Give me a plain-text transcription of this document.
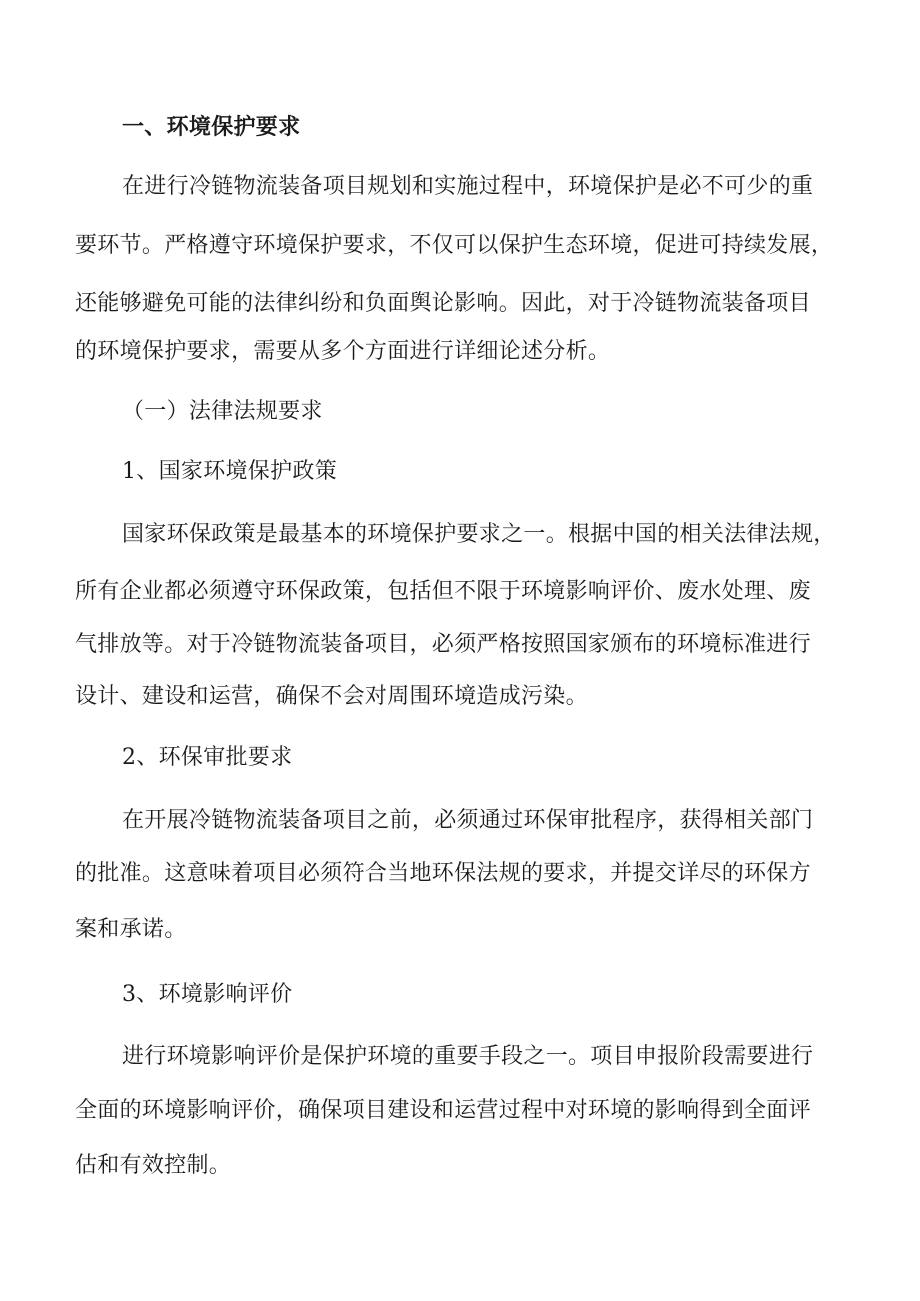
一、环境保护要求
在进行冷链物流装备项目规划和实施过程中，环境保护是必不可少的重
要环节。严格遵守环境保护要求，不仅可以保护生态环境，促进可持续发展，
还能够避免可能的法律纠纷和负面舆论影响。因此，对于冷链物流装备项目
的环境保护要求，需要从多个方面进行详细论述分析。
（一）法律法规要求
1、国家环境保护政策
国家环保政策是最基本的环境保护要求之一。根据中国的相关法律法规，
所有企业都必须遵守环保政策，包括但不限于环境影响评价、废水处理、废
气排放等。对于冷链物流装备项目，必须严格按照国家颁布的环境标准进行
设计、建设和运营，确保不会对周围环境造成污染。
2、环保审批要求
在开展冷链物流装备项目之前，必须通过环保审批程序，获得相关部门
的批准。这意味着项目必须符合当地环保法规的要求，并提交详尽的环保方
案和承诺。
3、环境影响评价
进行环境影响评价是保护环境的重要手段之一。项目申报阶段需要进行
全面的环境影响评价，确保项目建设和运营过程中对环境的影响得到全面评
估和有效控制。
